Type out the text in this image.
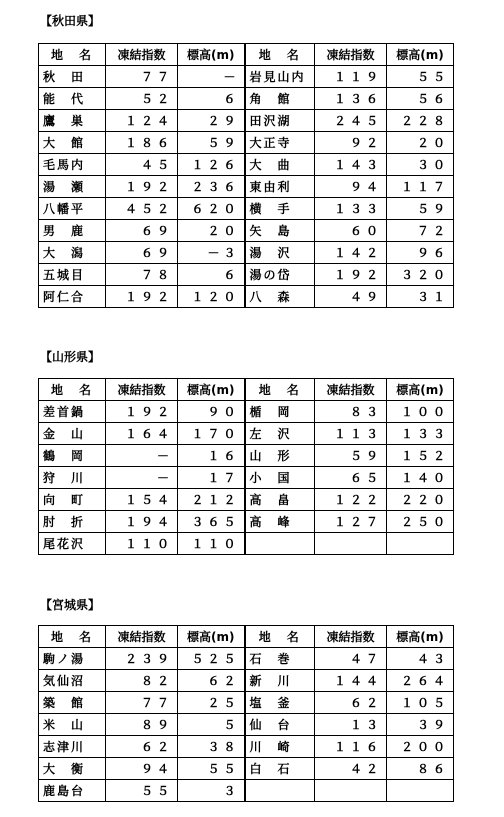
【秋田県】
地　名	凍結指数	標高(m)	地　名	凍結指数	標高(m)
秋　田	７７	－	岩見山内	１１９	５５
能　代	５２	６	角　館	１３６	５６
鷹　巣	１２４	２９	田沢湖	２４５	２２８
大　館	１８６	５９	大正寺	９２	２０
毛馬内	４５	１２６	大　曲	１４３	３０
湯　瀬	１９２	２３６	東由利	９４	１１７
八幡平	４５２	６２０	横　手	１３３	５９
男　鹿	６９	２０	矢　島	６０	７２
大　潟	６９	－３	湯　沢	１４２	９６
五城目	７８	６	湯の岱	１９２	３２０
阿仁合	１９２	１２０	八　森	４９	３１
【山形県】
地　名	凍結指数	標高(m)	地　名	凍結指数	標高(m)
差首鍋	１９２	９０	楯　岡	８３	１００
金　山	１６４	１７０	左　沢	１１３	１３３
鶴　岡	－	１６	山　形	５９	１５２
狩　川	－	１７	小　国	６５	１４０
向　町	１５４	２１２	高　畠	１２２	２２０
肘　折	１９４	３６５	高　峰	１２７	２５０
尾花沢	１１０	１１０			
【宮城県】
地　名	凍結指数	標高(m)	地　名	凍結指数	標高(m)
駒ノ湯	２３９	５２５	石　巻	４７	４３
気仙沼	８２	６２	新　川	１４４	２６４
築　館	７７	２５	塩　釜	６２	１０５
米　山	８９	５	仙　台	１３	３９
志津川	６２	３８	川　崎	１１６	２００
大　衡	９４	５５	白　石	４２	８６
鹿島台	５５	３			
